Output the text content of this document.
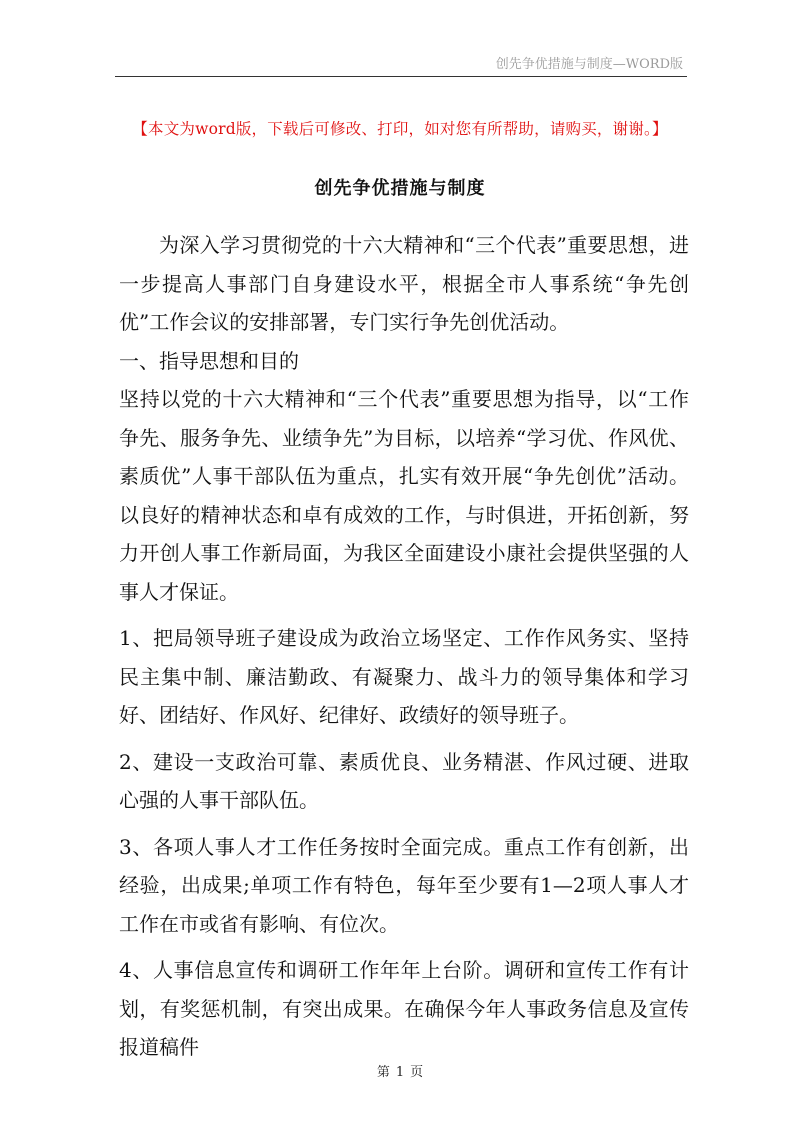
创先争优措施与制度—WORD版
【本文为word版，下载后可修改、打印，如对您有所帮助，请购买，谢谢。】
创先争优措施与制度

为深入学习贯彻党的十六大精神和“三个代表”重要思想，进一步提高人事部门自身建设水平，根据全市人事系统“争先创优”工作会议的安排部署，专门实行争先创优活动。

一、指导思想和目的

坚持以党的十六大精神和“三个代表”重要思想为指导，以“工作争先、服务争先、业绩争先”为目标，以培养“学习优、作风优、素质优”人事干部队伍为重点，扎实有效开展“争先创优”活动。以良好的精神状态和卓有成效的工作，与时俱进，开拓创新，努力开创人事工作新局面，为我区全面建设小康社会提供坚强的人事人才保证。

1、把局领导班子建设成为政治立场坚定、工作作风务实、坚持民主集中制、廉洁勤政、有凝聚力、战斗力的领导集体和学习好、团结好、作风好、纪律好、政绩好的领导班子。

2、建设一支政治可靠、素质优良、业务精湛、作风过硬、进取心强的人事干部队伍。

3、各项人事人才工作任务按时全面完成。重点工作有创新，出经验，出成果;单项工作有特色，每年至少要有1—2项人事人才工作在市或省有影响、有位次。

4、人事信息宣传和调研工作年年上台阶。调研和宣传工作有计划，有奖惩机制，有突出成果。在确保今年人事政务信息及宣传报道稿件

第 1 页
